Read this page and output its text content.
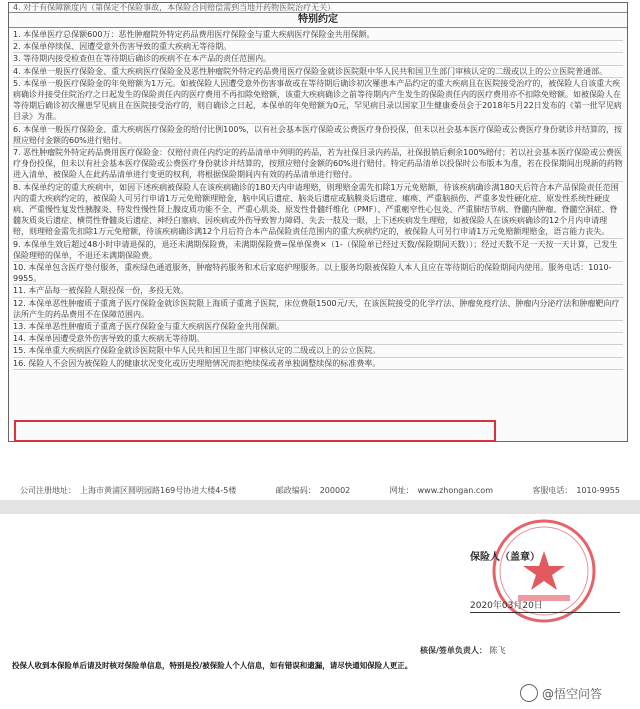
4. 对于有保障额度内（第保定不保险事故，本保险合同赔偿需到当地开药物医院治疗无关）
特别约定

1. 本保单医疗总保额600万：恶性肿瘤院外特定药品费用医疗保险金与重大疾病医疗保险金共用保额。

2. 本保单停续保、因遭受意外伤害导致的重大疾病无等待期。

3. 等待期内接受检查但在等待期后确诊的疾病不在本产品的责任范围内。

4. 本保单一般医疗保险金、重大疾病医疗保险金及恶性肿瘤院外特定药品费用医疗保险金就诊医院限中华人民共和国卫生部门审核认定的二级或以上的公立医院普通部。

5. 本保单一般医疗保险金的年免赔额为1万元。如被保险人因遭受意外伤害事故或在等待期后确诊初次罹患本产品约定的重大疾病且在医院接受治疗的，被保险人自该重大疾病确诊并接受住院治疗之日起发生的保险责任内的医疗费用不再扣除免赔额，该重大疾病确诊之前等待期内产生发生的保险责任内的医疗费用亦不扣除免赔额。如被保险人在等待期后确诊初次罹患罕见病且在医院接受治疗的，则自确诊之日起，本保单的年免赔额为0元，罕见病目录以国家卫生健康委员会于2018年5月22日发布的《第一批罕见病目录》为准。

6. 本保单一般医疗保险金、重大疾病医疗保险金的给付比例100%，以有社会基本医疗保险或公费医疗身份投保，但未以社会基本医疗保险或公费医疗身份就诊并结算的，按照应赔付金额的60%进行赔付。

7. 恶性肿瘤院外特定药品费用医疗保险金：仅赔付责任内约定的药品清单中列明的药品，若为社保目录内药品，社保报销后剩余100%赔付；若以社会基本医疗保险或公费医疗身份投保，但未以有社会基本医疗保险或公费医疗身份就诊并结算的，按照应赔付金额的60%进行赔付。特定药品清单以投保时公布版本为准，若在投保期间出现新的药物进入清单，被保险人在此药品清单进行变更的权利，将根据保险期间内有效的药品清单进行赔付。

8. 本保单约定的重大疾病中，如因下述疾病被保险人在该疾病确诊的180天内申请理赔，则理赔金需先扣除1万元免赔额，待该疾病确诊满180天后符合本产品保险责任范围内的重大疾病约定的，被保险人可另行申请1万元免赔额理赔金，脑中风后遗症、脑炎后遗症或脑膜炎后遗症、瘫痪、严重脑损伤、严重多发性硬化症、原发性系统性硬皮病、严重慢性复发性胰腺炎、特发性慢性肾上腺皮质功能不全、严重心肌炎、原发性骨髓纤维化（PMF）、严重瘢窄性心包炎、严重肺结节病、脊髓内肿瘤、脊髓空洞症、脊髓灰质炎后遗症、横贯性脊髓炎后遗症、神经白塞病、因疾病或外伤导致智力障碍、失去一肢及一眼，上下述疾病发生理赔，如被保险人在该疾病确诊的12个月内申请理赔，则理赔金需先扣除1万元免赔额，待该疾病确诊满12个月后符合本产品保险责任范围内的重大疾病约定的，被保险人可另行申请1万元免赔额理赔金，语言能力丧失。

9. 本保单生效后超过48小时申请退保的，退还未满期保险费，未满期保险费=保单保费×（1-（保险单已经过天数/保险期间天数））；经过天数不足一天按一天计算，已发生保险理赔的保单，不退还未满期保险费。

10. 本保单包含医疗垫付服务，重疾绿色通道服务，肿瘤特药服务和术后家庭护理服务。以上服务均限被保险人本人且应在等待期后的保险期间内使用。服务电话：1010-9955。

11. 本产品每一被保险人限投保一份，多投无效。

12. 本保单恶性肿瘤质子重离子医疗保险金就诊医院限上海质子重离子医院，床位费限1500元/天，在该医院接受的化学疗法、肿瘤免疫疗法、肿瘤内分泌疗法和肿瘤靶向疗法所产生的药品费用不在保障范围内。

13. 本保单恶性肿瘤质子重离子医疗保险金与重大疾病医疗保险金共用保额。

14. 本保单因遭受意外伤害导致的重大疾病无等待期。

15. 本保单重大疾病医疗保险金就诊医院限中华人民共和国卫生部门审核认定的二级或以上的公立医院。

16. 保险人不会因为被保险人的健康状况变化或历史理赔情况而拒绝续保或者单独调整续保的标准费率。

公司注册地址：　上海市黄浦区圆明园路169号协进大楼4-5楼	邮政编码：　200002	网址：　www.zhongan.com	客服电话：　1010-9955
保险人（盖章）
2020年03月20日
核保/签单负责人： 陈飞
投保人收到本保险单后请及时核对保险单信息，特别是投/被保险人个人信息，如有错误和遗漏，请尽快通知保险人更正。
@悟空问答
